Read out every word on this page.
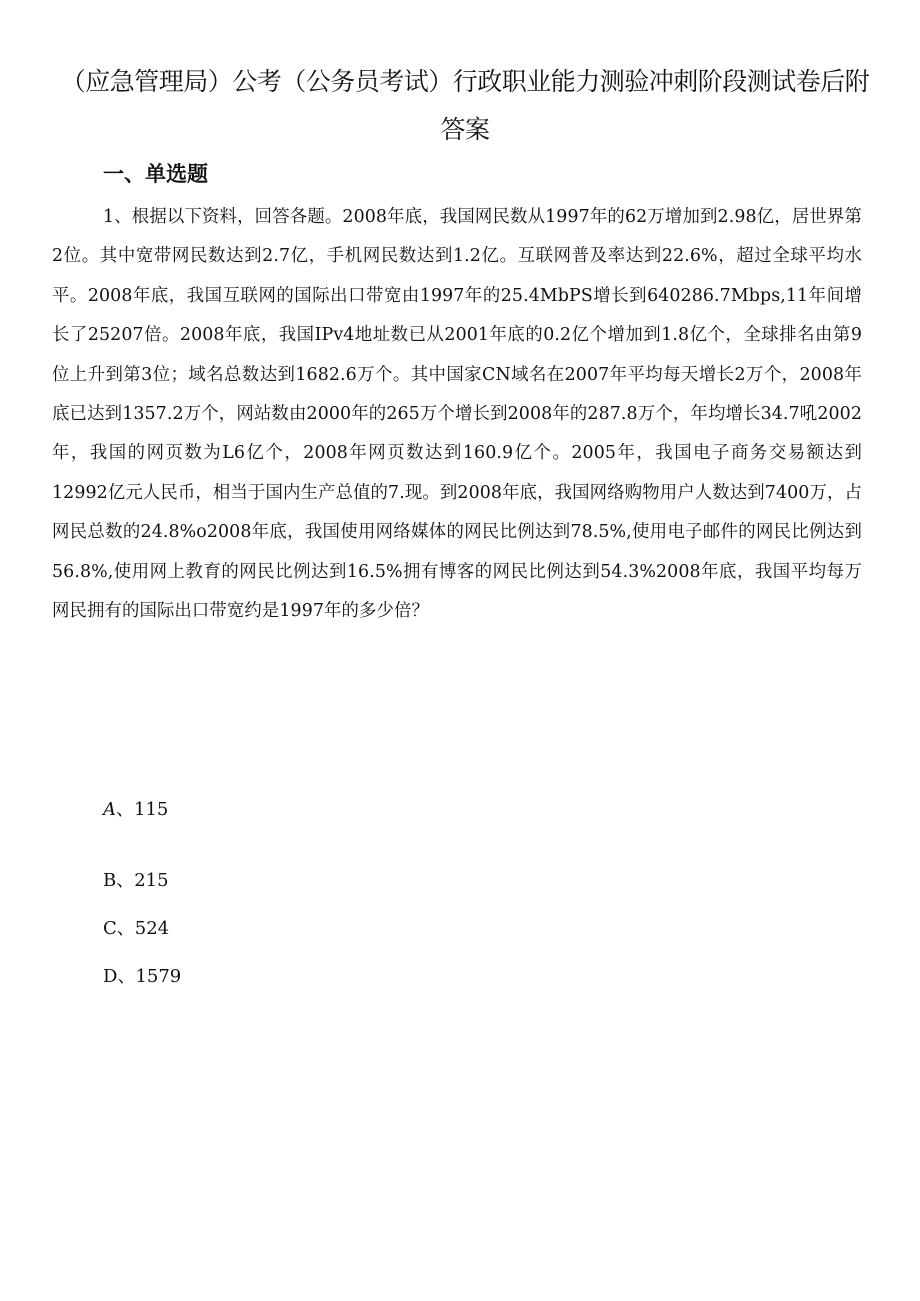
（应急管理局）公考（公务员考试）行政职业能力测验冲刺阶段测试卷后附答案
一、单选题
1、根据以下资料，回答各题。2008年底，我国网民数从1997年的62万增加到2.98亿，居世界第2位。其中宽带网民数达到2.7亿，手机网民数达到1.2亿。互联网普及率达到22.6%，超过全球平均水平。2008年底，我国互联网的国际出口带宽由1997年的25.4MbPS增长到640286.7Mbps,11年间增长了25207倍。2008年底，我国IPv4地址数已从2001年底的0.2亿个增加到1.8亿个，全球排名由第9位上升到第3位；域名总数达到1682.6万个。其中国家CN域名在2007年平均每天增长2万个，2008年底已达到1357.2万个，网站数由2000年的265万个增长到2008年的287.8万个，年均增长34.7吼2002年，我国的网页数为L6亿个，2008年网页数达到160.9亿个。2005年，我国电子商务交易额达到12992亿元人民币，相当于国内生产总值的7.现。到2008年底，我国网络购物用户人数达到7400万，占网民总数的24.8%o2008年底，我国使用网络媒体的网民比例达到78.5%,使用电子邮件的网民比例达到56.8%,使用网上教育的网民比例达到16.5%拥有博客的网民比例达到54.3%2008年底，我国平均每万网民拥有的国际出口带宽约是1997年的多少倍？
A、115
B、215
C、524
D、1579
